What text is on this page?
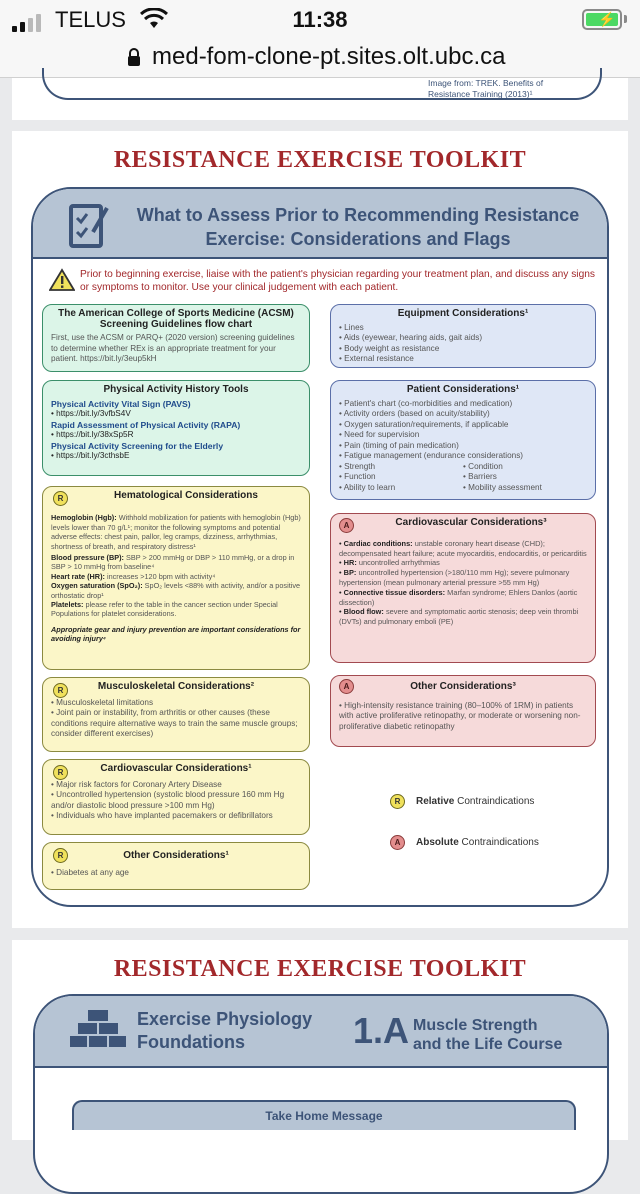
TELUS	11:38	⚡
med-fom-clone-pt.sites.olt.ubc.ca
Image from: TREK. Benefits of Resistance Training (2013)¹
RESISTANCE EXERCISE TOOLKIT
What to Assess Prior to Recommending Resistance Exercise: Considerations and Flags
Prior to beginning exercise, liaise with the patient's physician regarding your treatment plan, and discuss any signs or symptoms to monitor. Use your clinical judgement with each patient.
The American College of Sports Medicine (ACSM) Screening Guidelines flow chart
First, use the ACSM or PARQ+ (2020 version) screening guidelines to determine whether REx is an appropriate treatment for your patient. https://bit.ly/3eup5kH
Physical Activity History Tools
Physical Activity Vital Sign (PAVS)
• https://bit.ly/3vfbS4V
Rapid Assessment of Physical Activity (RAPA)
• https://bit.ly/38xSp5R
Physical Activity Screening for the Elderly
• https://bit.ly/3cthsbE
Hematological Considerations
Hemoglobin (Hgb): Withhold mobilization for patients with hemoglobin (Hgb) levels lower than 70 g/L¹; monitor the following symptoms and potential adverse effects: chest pain, pallor, leg cramps, dizziness, arrhythmias, shortness of breath, and respiratory distress¹
Blood pressure (BP): SBP > 200 mmHg or DBP > 110 mmHg, or a drop in SBP > 10 mmHg from baseline⁴
Heart rate (HR): increases >120 bpm with activity⁴
Oxygen saturation (SpO₂): SpO₂ levels <88% with activity, and/or a positive orthostatic drop¹
Platelets: please refer to the table in the cancer section under Special Populations for platelet considerations.
Appropriate gear and injury prevention are important considerations for avoiding injury⁴
R
Musculoskeletal Considerations²
• Musculoskeletal limitations
• Joint pain or instability, from arthritis or other causes (these conditions require alternative ways to train the same muscle groups; consider different exercises)
R
Cardiovascular Considerations¹
• Major risk factors for Coronary Artery Disease
• Uncontrolled hypertension (systolic blood pressure 160 mm Hg and/or diastolic blood pressure >100 mm Hg)
• Individuals who have implanted pacemakers or defibrillators
R
Other Considerations¹
• Diabetes at any age
R
Equipment Considerations¹
• Lines
• Aids (eyewear, hearing aids, gait aids)
• Body weight as resistance
• External resistance
Patient Considerations¹
• Patient's chart (co-morbidities and medication)
• Activity orders (based on acuity/stability)
• Oxygen saturation/requirements, if applicable
• Need for supervision
• Pain (timing of pain medication)
• Fatigue management (endurance considerations)
• Strength
• Function
• Ability to learn
• Condition
• Barriers
• Mobility assessment
Cardiovascular Considerations³
• Cardiac conditions: unstable coronary heart disease (CHD); decompensated heart failure; acute myocarditis, endocarditis, or pericarditis
• HR: uncontrolled arrhythmias
• BP: uncontrolled hypertension (>180/110 mm Hg); severe pulmonary hypertension (mean pulmonary arterial pressure >55 mm Hg)
• Connective tissue disorders: Marfan syndrome; Ehlers Danlos (aortic dissection)
• Blood flow: severe and symptomatic aortic stenosis; deep vein thrombi (DVTs) and pulmonary emboli (PE)
A
Other Considerations³
• High-intensity resistance training (80–100% of 1RM) in patients with active proliferative retinopathy, or moderate or worsening non-proliferative diabetic retinopathy
A
R	Relative Contraindications
A	Absolute Contraindications
RESISTANCE EXERCISE TOOLKIT
Exercise Physiology
Foundations	1.A Muscle Strength
and the Life Course
Take Home Message
